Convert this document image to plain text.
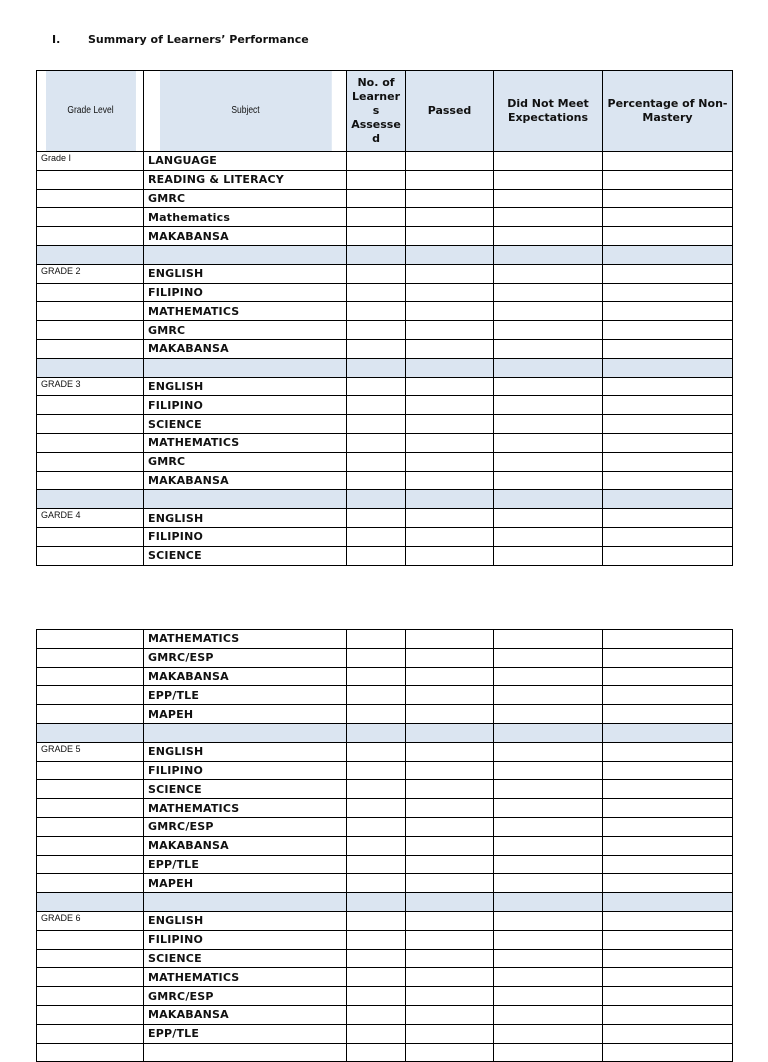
I.	Summary of Learners’ Performance
Grade Level	Subject	No. of Learner s Assesse d	Passed	Did Not Meet Expectations	Percentage of Non-Mastery
Grade I	LANGUAGE				
	READING & LITERACY				
	GMRC				
	Mathematics				
	MAKABANSA				

GRADE 2	ENGLISH				
	FILIPINO				
	MATHEMATICS				
	GMRC				
	MAKABANSA				

GRADE 3	ENGLISH				
	FILIPINO				
	SCIENCE				
	MATHEMATICS				
	GMRC				
	MAKABANSA				

GARDE 4	ENGLISH				
	FILIPINO				
	SCIENCE				
	MATHEMATICS				
	GMRC/ESP				
	MAKABANSA				
	EPP/TLE				
	MAPEH				

GRADE 5	ENGLISH				
	FILIPINO				
	SCIENCE				
	MATHEMATICS				
	GMRC/ESP				
	MAKABANSA				
	EPP/TLE				
	MAPEH				

GRADE 6	ENGLISH				
	FILIPINO				
	SCIENCE				
	MATHEMATICS				
	GMRC/ESP				
	MAKABANSA				
	EPP/TLE				
